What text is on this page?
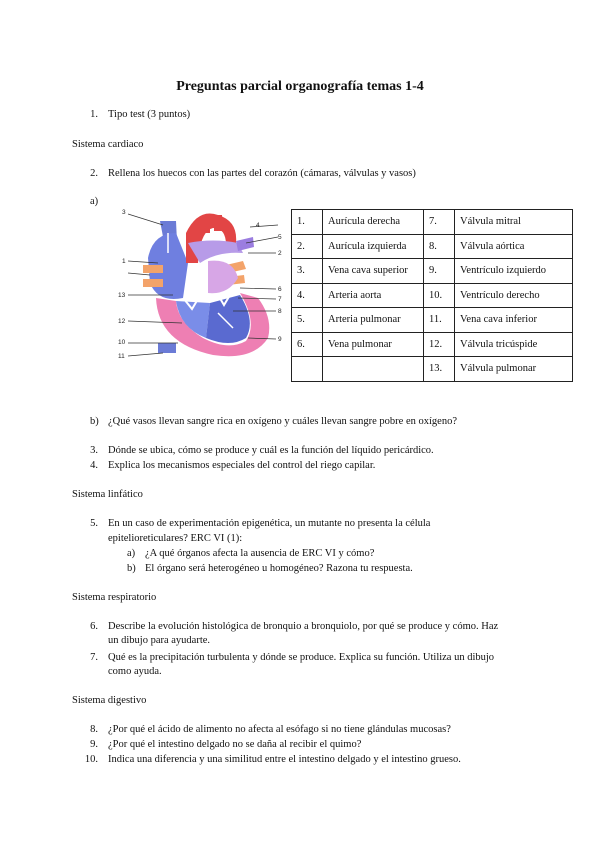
Preguntas parcial organografía temas 1-4
1. Tipo test (3 puntos)
Sistema cardiaco
2. Rellena los huecos con las partes del corazón (cámaras, válvulas y vasos)
a)
3
1
13
12
10
11
4
5
2
6
7
8
9
1.	Aurícula derecha	7.	Válvula mitral
2.	Aurícula izquierda	8.	Válvula aórtica
3.	Vena cava superior	9.	Ventrículo izquierdo
4.	Arteria aorta	10.	Ventrículo derecho
5.	Arteria pulmonar	11.	Vena cava inferior
6.	Vena pulmonar	12.	Válvula tricúspide
		13.	Válvula pulmonar
b) ¿Qué vasos llevan sangre rica en oxígeno y cuáles llevan sangre pobre en oxígeno?
3. Dónde se ubica, cómo se produce y cuál es la función del líquido pericárdico.
4. Explica los mecanismos especiales del control del riego capilar.
Sistema linfático
5. En un caso de experimentación epigenética, un mutante no presenta la célula
epitelioreticulares? ERC VI (1):
a) ¿A qué órganos afecta la ausencia de ERC VI y cómo?
b) El órgano será heterogéneo u homogéneo? Razona tu respuesta.
Sistema respiratorio
6. Describe la evolución histológica de bronquio a bronquiolo, por qué se produce y cómo. Haz
un dibujo para ayudarte.
7. Qué es la precipitación turbulenta y dónde se produce. Explica su función. Utiliza un dibujo
como ayuda.
Sistema digestivo
8. ¿Por qué el ácido de alimento no afecta al esófago si no tiene glándulas mucosas?
9. ¿Por qué el intestino delgado no se daña al recibir el quimo?
10. Indica una diferencia y una similitud entre el intestino delgado y el intestino grueso.
